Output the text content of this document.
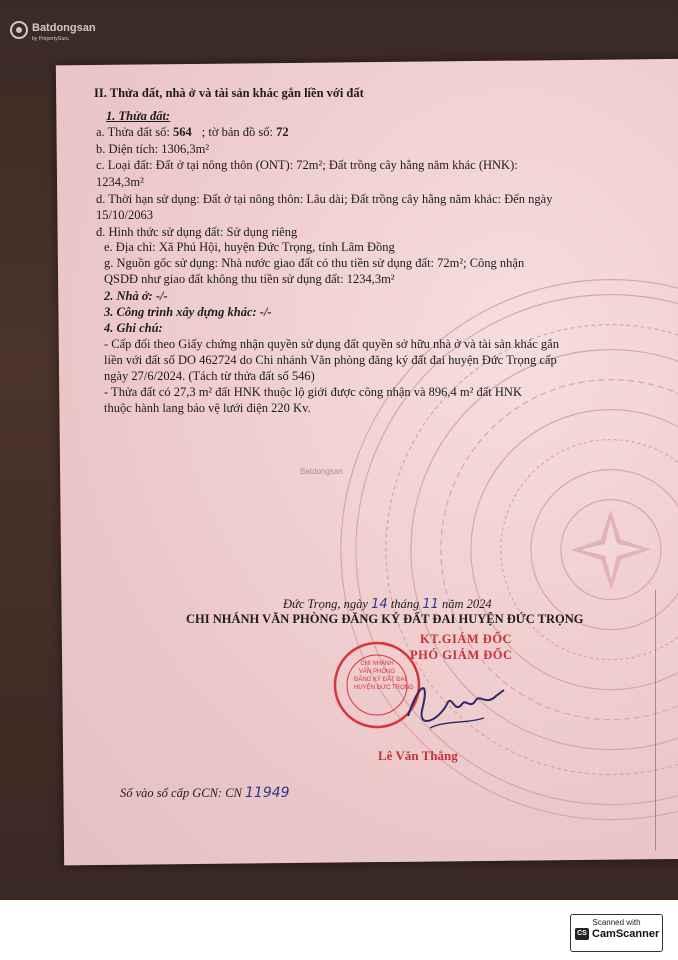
Batdongsan
by PropertyGuru
II. Thửa đất, nhà ở và tài sản khác gắn liền với đất
1. Thửa đất:
a. Thửa đất số: 564 ; tờ bản đồ số: 72
b. Diện tích: 1306,3m²
c. Loại đất: Đất ở tại nông thôn (ONT): 72m²; Đất trồng cây hằng năm khác (HNK):
1234,3m²
d. Thời hạn sử dụng: Đất ở tại nông thôn: Lâu dài; Đất trồng cây hằng năm khác: Đến ngày
15/10/2063
đ. Hình thức sử dụng đất: Sử dụng riêng
e. Địa chỉ: Xã Phú Hội, huyện Đức Trọng, tỉnh Lâm Đồng
g. Nguồn gốc sử dụng: Nhà nước giao đất có thu tiền sử dụng đất: 72m²; Công nhận
QSDĐ như giao đất không thu tiền sử dụng đất: 1234,3m²
2. Nhà ở: -/-
3. Công trình xây dựng khác: -/-
4. Ghi chú:
- Cấp đổi theo Giấy chứng nhận quyền sử dụng đất quyền sở hữu nhà ở và tài sản khác gắn
liền với đất số DO 462724 do Chi nhánh Văn phòng đăng ký đất đai huyện Đức Trọng cấp
ngày 27/6/2024. (Tách từ thửa đất số 546)
- Thửa đất có 27,3 m² đất HNK thuộc lộ giới được công nhận và 896,4 m² đất HNK
thuộc hành lang bảo vệ lưới điện 220 Kv.
Batdongsan
Đức Trọng, ngày 14 tháng 11 năm 2024
CHI NHÁNH VĂN PHÒNG ĐĂNG KÝ ĐẤT ĐAI HUYỆN ĐỨC TRỌNG
KT.GIÁM ĐỐC
PHÓ GIÁM ĐỐC
CHI NHÁNH
VĂN PHÒNG
ĐĂNG KÝ ĐẤT ĐAI
HUYỆN ĐỨC TRỌNG
Lê Văn Thắng
Số vào sổ cấp GCN: CN 11949
Scanned with
CS CamScanner
